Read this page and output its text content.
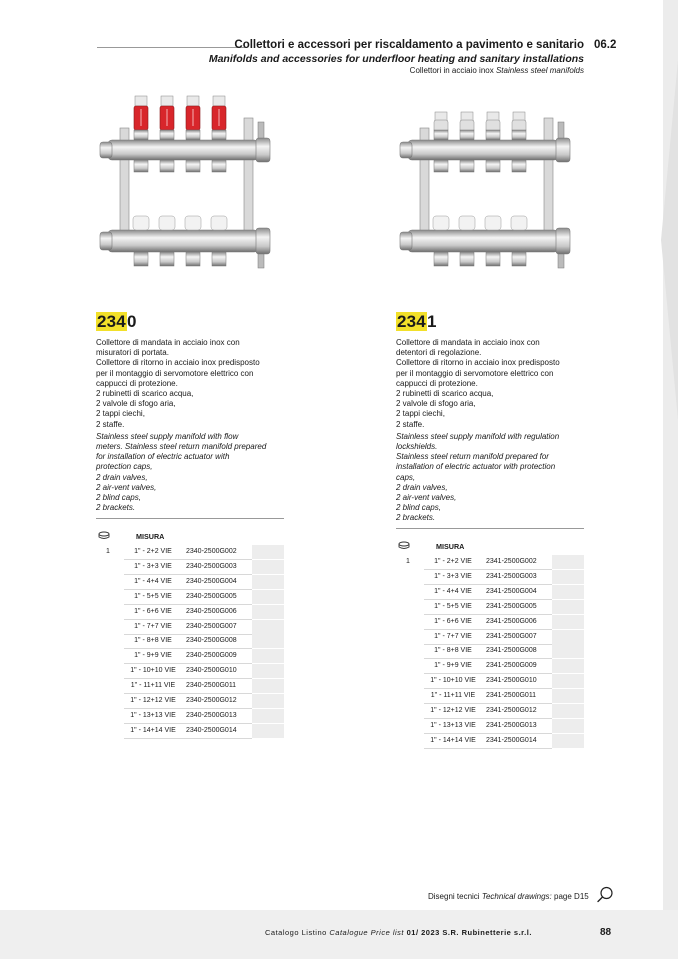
Collettori e accessori per riscaldamento a pavimento e sanitario 06.2
Manifolds and accessories for underfloor heating and sanitary installations
Collettori in acciaio inox Stainless steel manifolds
2340
Collettore di mandata in acciaio inox con
misuratori di portata.
Collettore di ritorno in acciaio inox predisposto
per il montaggio di servomotore elettrico con
cappucci di protezione.
2 rubinetti di scarico acqua,
2 valvole di sfogo aria,
2 tappi ciechi,
2 staffe.
Stainless steel supply manifold with flow
meters. Stainless steel return manifold prepared
for installation of electric actuator with
protection caps,
2 drain valves,
2 air-vent valves,
2 blind caps,
2 brackets.
2341
Collettore di mandata in acciaio inox con
detentori di regolazione.
Collettore di ritorno in acciaio inox predisposto
per il montaggio di servomotore elettrico con
cappucci di protezione.
2 rubinetti di scarico acqua,
2 valvole di sfogo aria,
2 tappi ciechi,
2 staffe.
Stainless steel supply manifold with regulation
lockshields.
Stainless steel return manifold prepared for
installation of electric actuator with protection
caps,
2 drain valves,
2 air-vent valves,
2 blind caps,
2 brackets.
MISURA
1	1" - 2+2 VIE	2340-2500G002
1" - 3+3 VIE	2340-2500G003
1" - 4+4 VIE	2340-2500G004
1" - 5+5 VIE	2340-2500G005
1" - 6+6 VIE	2340-2500G006
1" - 7+7 VIE	2340-2500G007
1" - 8+8 VIE	2340-2500G008
1" - 9+9 VIE	2340-2500G009
1" - 10+10 VIE	2340-2500G010
1" - 11+11 VIE	2340-2500G011
1" - 12+12 VIE	2340-2500G012
1" - 13+13 VIE	2340-2500G013
1" - 14+14 VIE	2340-2500G014
MISURA
1	1" - 2+2 VIE	2341-2500G002
1" - 3+3 VIE	2341-2500G003
1" - 4+4 VIE	2341-2500G004
1" - 5+5 VIE	2341-2500G005
1" - 6+6 VIE	2341-2500G006
1" - 7+7 VIE	2341-2500G007
1" - 8+8 VIE	2341-2500G008
1" - 9+9 VIE	2341-2500G009
1" - 10+10 VIE	2341-2500G010
1" - 11+11 VIE	2341-2500G011
1" - 12+12 VIE	2341-2500G012
1" - 13+13 VIE	2341-2500G013
1" - 14+14 VIE	2341-2500G014
Disegni tecnici Technical drawings: page D15
Catalogo Listino Catalogue Price list 01/ 2023 S.R. Rubinetterie s.r.l.	88
